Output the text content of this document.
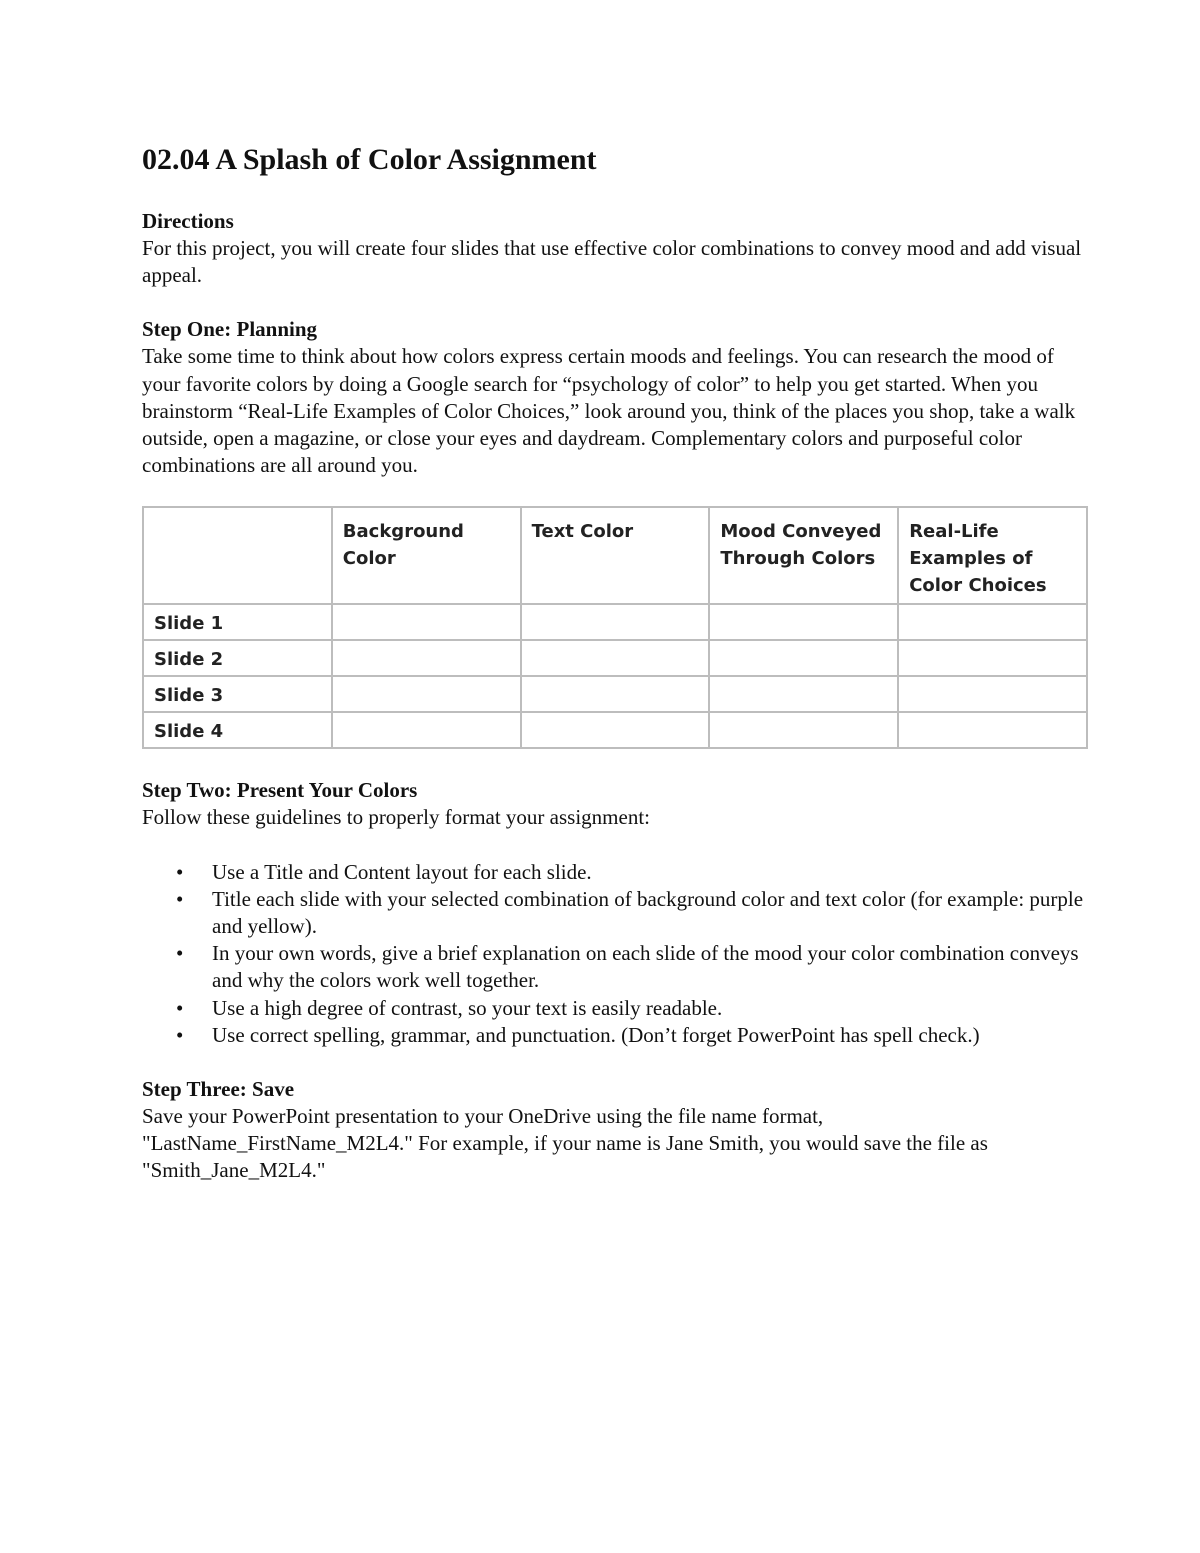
02.04 A Splash of Color Assignment

Directions

For this project, you will create four slides that use effective color combinations to convey mood and add visual appeal.

Step One: Planning

Take some time to think about how colors express certain moods and feelings. You can research the mood of your favorite colors by doing a Google search for “psychology of color” to help you get started. When you brainstorm “Real-Life Examples of Color Choices,” look around you, think of the places you shop, take a walk outside, open a magazine, or close your eyes and daydream. Complementary colors and purposeful color combinations are all around you.

	Background Color	Text Color	Mood Conveyed Through Colors	Real-Life Examples of Color Choices
Slide 1				
Slide 2				
Slide 3				
Slide 4				

Step Two: Present Your Colors

Follow these guidelines to properly format your assignment:

• Use a Title and Content layout for each slide.
• Title each slide with your selected combination of background color and text color (for example: purple and yellow).
• In your own words, give a brief explanation on each slide of the mood your color combination conveys and why the colors work well together.
• Use a high degree of contrast, so your text is easily readable.
• Use correct spelling, grammar, and punctuation. (Don’t forget PowerPoint has spell check.)

Step Three: Save

Save your PowerPoint presentation to your OneDrive using the file name format, "LastName_FirstName_M2L4." For example, if your name is Jane Smith, you would save the file as "Smith_Jane_M2L4."
